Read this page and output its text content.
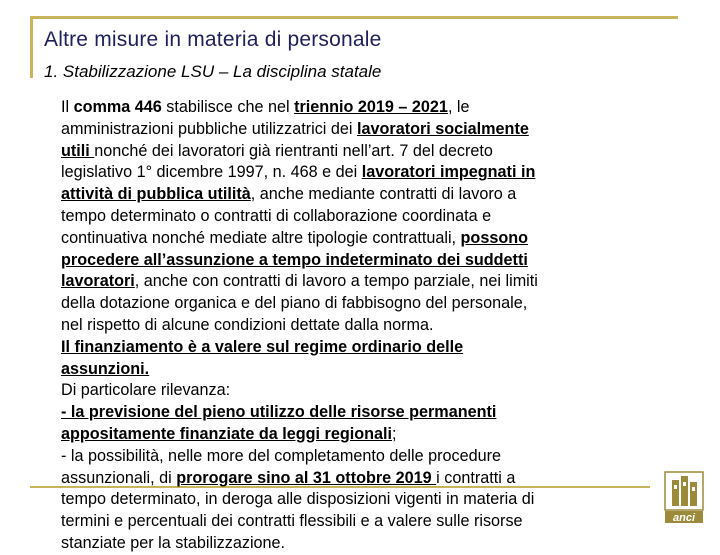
Altre misure in materia di personale
1. Stabilizzazione LSU – La disciplina statale
Il comma 446 stabilisce che nel triennio 2019 – 2021, le
amministrazioni pubbliche utilizzatrici dei lavoratori socialmente
utili nonché dei lavoratori già rientranti nell’art. 7 del decreto
legislativo 1° dicembre 1997, n. 468 e dei lavoratori impegnati in
attività di pubblica utilità, anche mediante contratti di lavoro a
tempo determinato o contratti di collaborazione coordinata e
continuativa nonché mediate altre tipologie contrattuali, possono
procedere all’assunzione a tempo indeterminato dei suddetti
lavoratori, anche con contratti di lavoro a tempo parziale, nei limiti
della dotazione organica e del piano di fabbisogno del personale,
nel rispetto di alcune condizioni dettate dalla norma.
Il finanziamento è a valere sul regime ordinario delle
assunzioni.
Di particolare rilevanza:
- la previsione del pieno utilizzo delle risorse permanenti
appositamente finanziate da leggi regionali;
- la possibilità, nelle more del completamento delle procedure
assunzionali, di prorogare sino al 31 ottobre 2019 i contratti a
tempo determinato, in deroga alle disposizioni vigenti in materia di
termini e percentuali dei contratti flessibili e a valere sulle risorse
stanziate per la stabilizzazione.
anci
